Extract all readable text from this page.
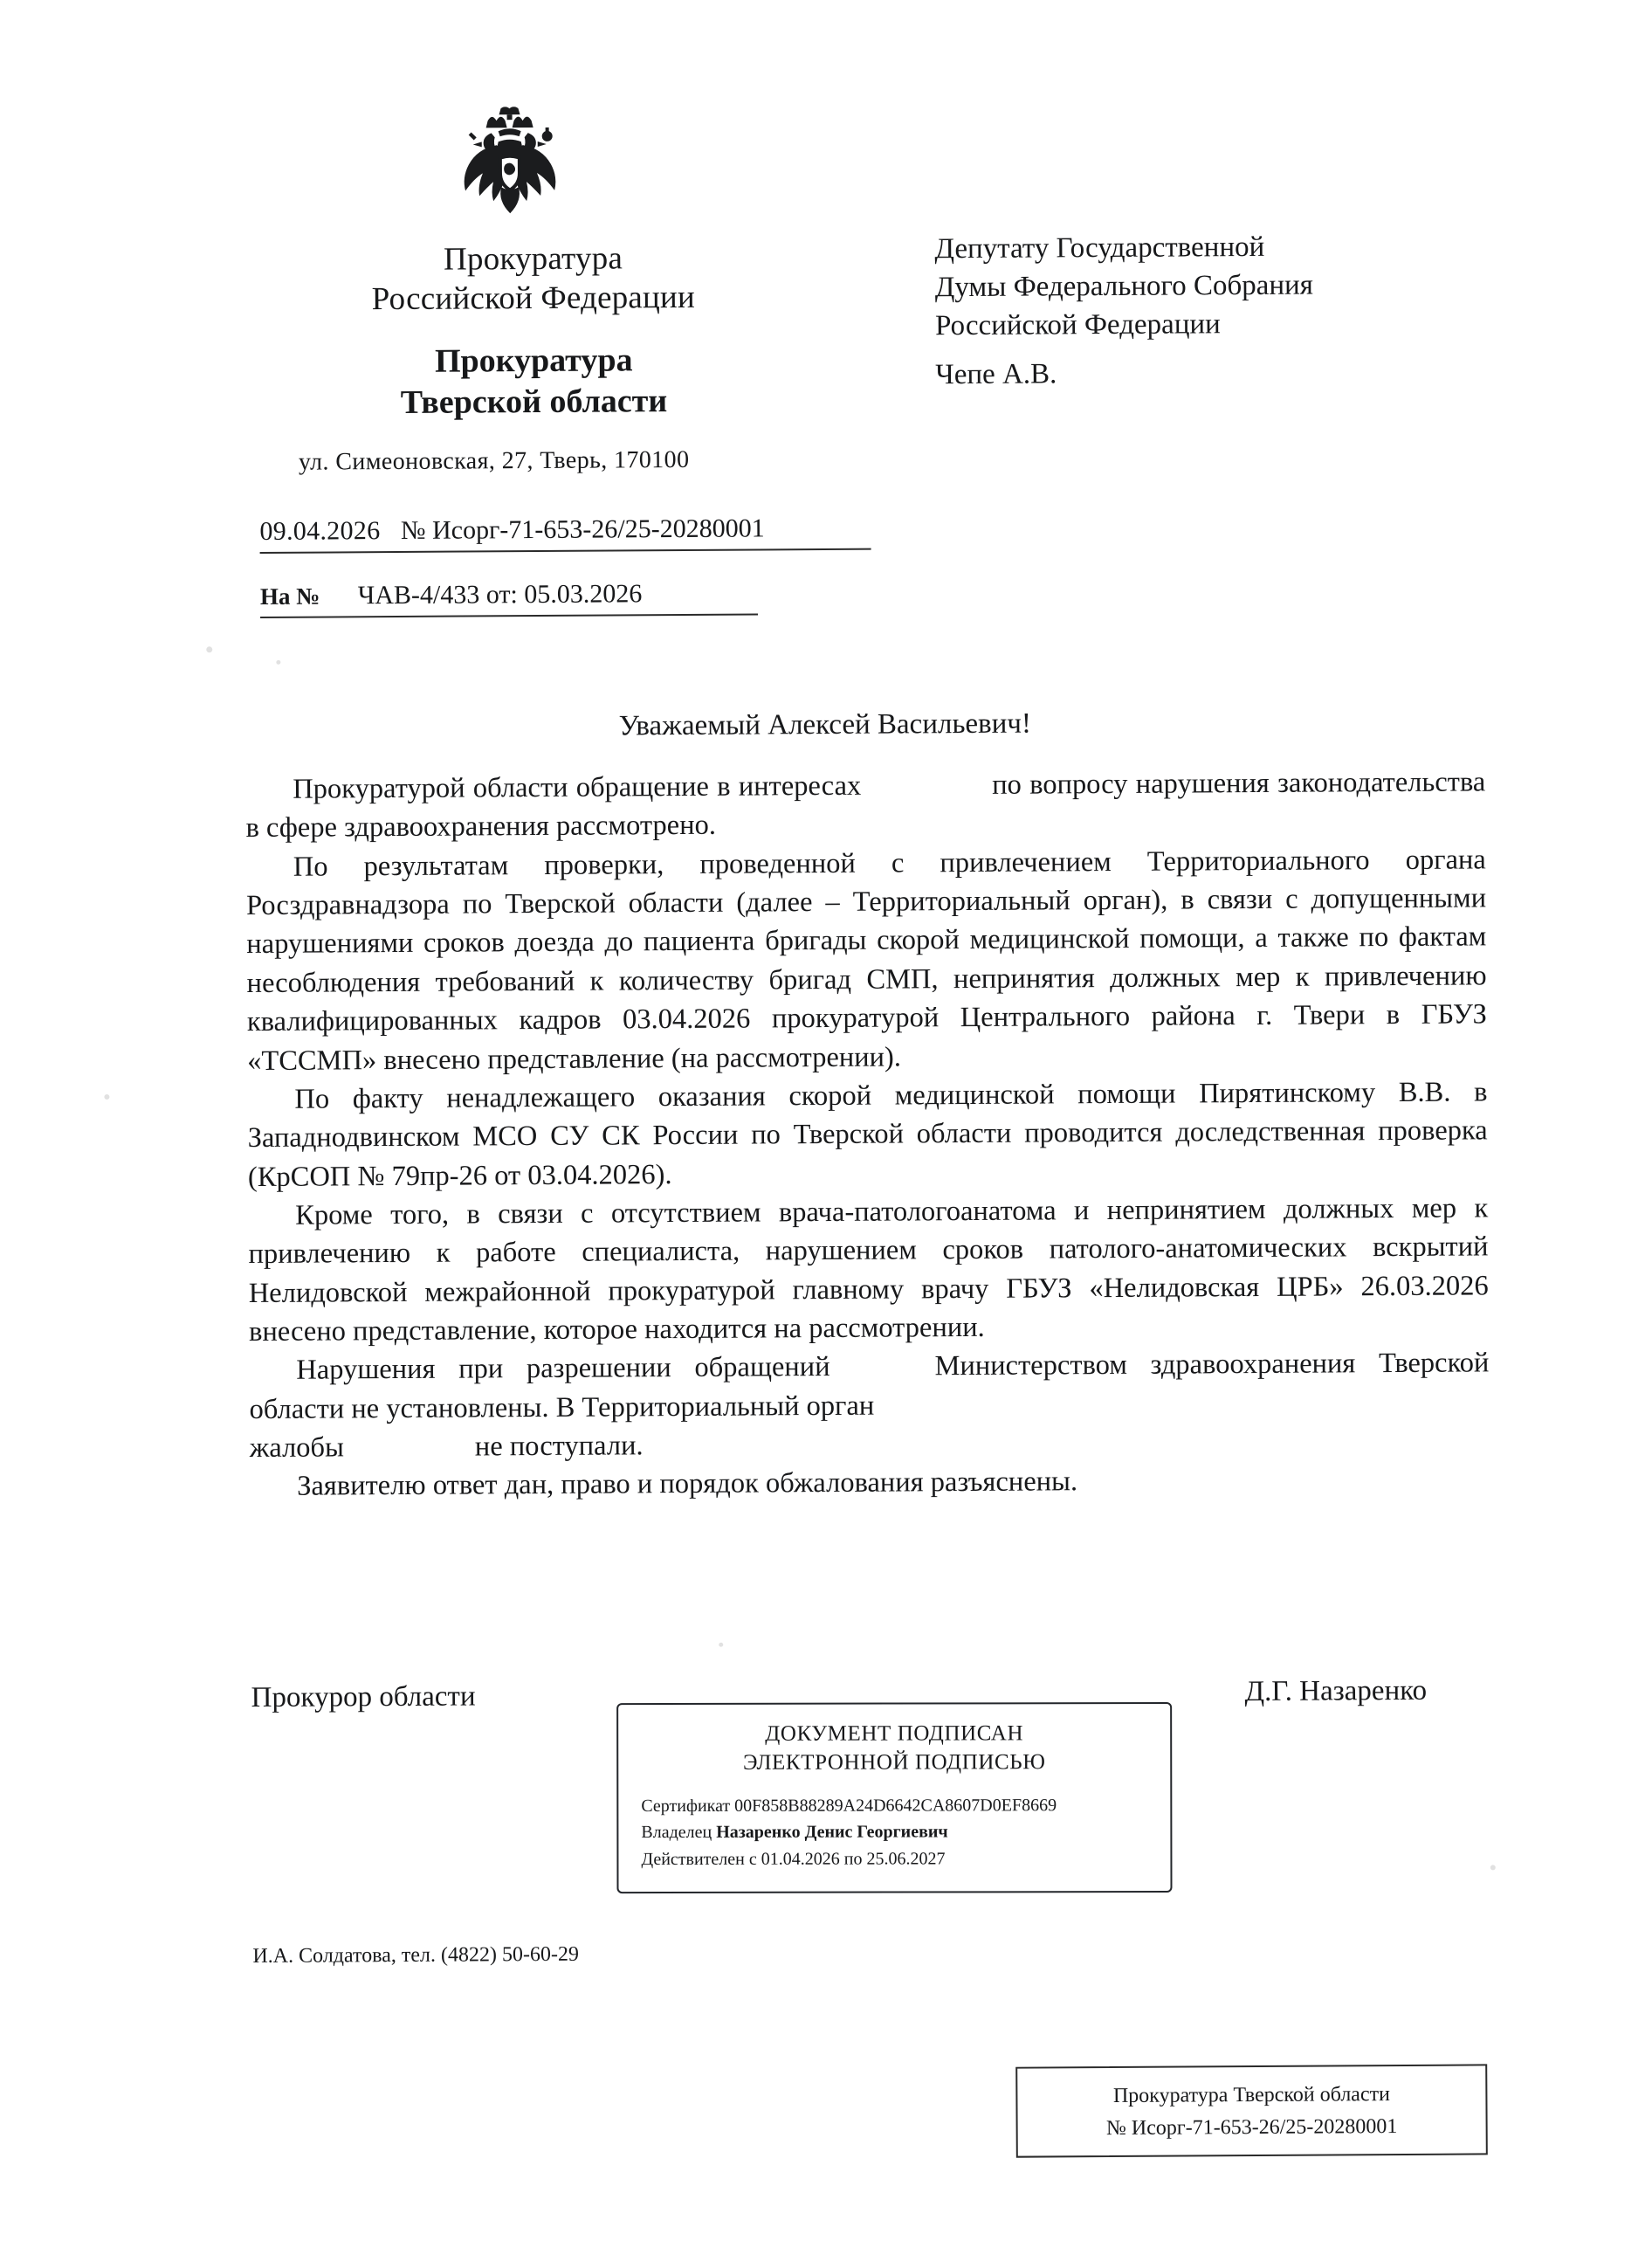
Прокуратура
Российской Федерации
Прокуратура
Тверской области
ул. Симеоновская, 27, Тверь, 170100
09.04.2026 № Исорг-71-653-26/25-20280001
На № ЧАВ-4/433 от: 05.03.2026
Депутату Государственной
Думы Федерального Собрания
Российской Федерации
Чепе А.В.
Уважаемый Алексей Васильевич!

Прокуратурой области обращение в интересах	по вопросу нарушения законодательства в сфере здравоохранения рассмотрено.

По результатам проверки, проведенной с привлечением Территориального органа Росздравнадзора по Тверской области (далее – Территориальный орган), в связи с допущенными нарушениями сроков доезда до пациента бригады скорой медицинской помощи, а также по фактам несоблюдения требований к количеству бригад СМП, непринятия должных мер к привлечению квалифицированных кадров 03.04.2026 прокуратурой Центрального района г. Твери в ГБУЗ «ТССМП» внесено представление (на рассмотрении).

По факту ненадлежащего оказания скорой медицинской помощи Пирятинскому В.В. в Западнодвинском МСО СУ СК России по Тверской области проводится доследственная проверка (КрСОП № 79пр-26 от 03.04.2026).

Кроме того, в связи с отсутствием врача-патологоанатома и непринятием должных мер к привлечению к работе специалиста, нарушением сроков патолого-анатомических вскрытий Нелидовской межрайонной прокуратурой главному врачу ГБУЗ «Нелидовская ЦРБ» 26.03.2026 внесено представление, которое находится на рассмотрении.

Нарушения при разрешении обращений	Министерством здравоохранения Тверской области не установлены. В Территориальный орган
жалобы	не поступали.

Заявителю ответ дан, право и порядок обжалования разъяснены.

Прокурор области	Д.Г. Назаренко
ДОКУМЕНТ ПОДПИСАН
ЭЛЕКТРОННОЙ ПОДПИСЬЮ
Сертификат 00F858B88289A24D6642CA8607D0EF8669
Владелец Назаренко Денис Георгиевич
Действителен с 01.04.2026 по 25.06.2027
И.А. Солдатова, тел. (4822) 50-60-29
Прокуратура Тверской области
№ Исорг-71-653-26/25-20280001
